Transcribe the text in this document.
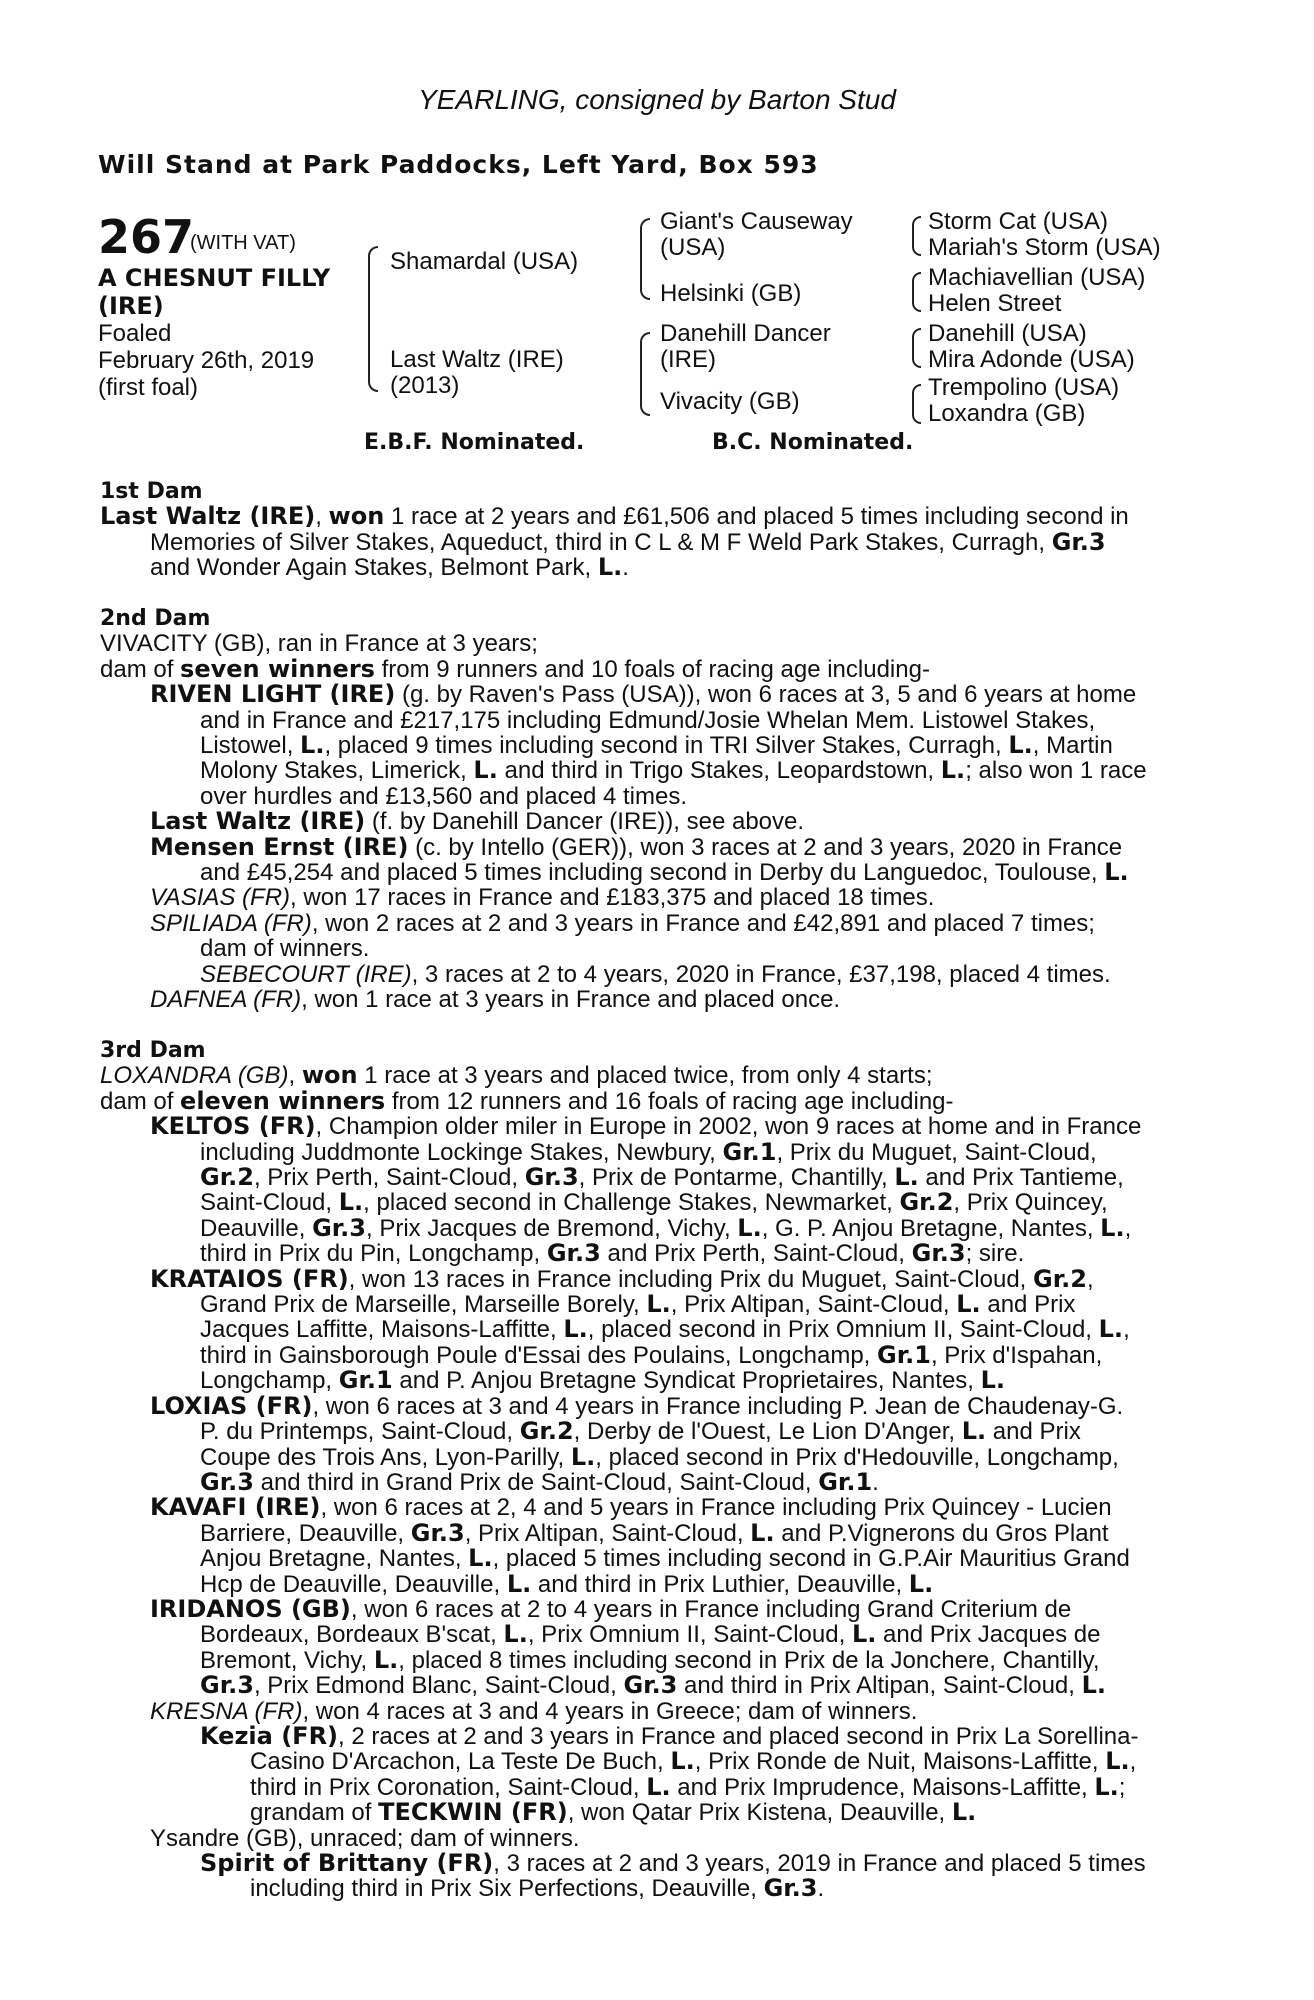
YEARLING, consigned by Barton Stud
Will Stand at Park Paddocks, Left Yard, Box 593
267
(WITH VAT)
A CHESNUT FILLY
(IRE)
Foaled
February 26th, 2019
(first foal)
Shamardal (USA)
Last Waltz (IRE)
(2013)
Giant's Causeway
(USA)
Helsinki (GB)
Danehill Dancer
(IRE)
Vivacity (GB)
Storm Cat (USA)
Mariah's Storm (USA)
Machiavellian (USA)
Helen Street
Danehill (USA)
Mira Adonde (USA)
Trempolino (USA)
Loxandra (GB)
E.B.F. Nominated.	B.C. Nominated.
1st Dam
Last Waltz (IRE), won 1 race at 2 years and £61,506 and placed 5 times including second in
Memories of Silver Stakes, Aqueduct, third in C L & M F Weld Park Stakes, Curragh, Gr.3
and Wonder Again Stakes, Belmont Park, L..
2nd Dam
VIVACITY (GB), ran in France at 3 years;
dam of seven winners from 9 runners and 10 foals of racing age including-
RIVEN LIGHT (IRE) (g. by Raven's Pass (USA)), won 6 races at 3, 5 and 6 years at home
and in France and £217,175 including Edmund/Josie Whelan Mem. Listowel Stakes,
Listowel, L., placed 9 times including second in TRI Silver Stakes, Curragh, L., Martin
Molony Stakes, Limerick, L. and third in Trigo Stakes, Leopardstown, L.; also won 1 race
over hurdles and £13,560 and placed 4 times.
Last Waltz (IRE) (f. by Danehill Dancer (IRE)), see above.
Mensen Ernst (IRE) (c. by Intello (GER)), won 3 races at 2 and 3 years, 2020 in France
and £45,254 and placed 5 times including second in Derby du Languedoc, Toulouse, L.
VASIAS (FR), won 17 races in France and £183,375 and placed 18 times.
SPILIADA (FR), won 2 races at 2 and 3 years in France and £42,891 and placed 7 times;
dam of winners.
SEBECOURT (IRE), 3 races at 2 to 4 years, 2020 in France, £37,198, placed 4 times.
DAFNEA (FR), won 1 race at 3 years in France and placed once.
3rd Dam
LOXANDRA (GB), won 1 race at 3 years and placed twice, from only 4 starts;
dam of eleven winners from 12 runners and 16 foals of racing age including-
KELTOS (FR), Champion older miler in Europe in 2002, won 9 races at home and in France
including Juddmonte Lockinge Stakes, Newbury, Gr.1, Prix du Muguet, Saint-Cloud,
Gr.2, Prix Perth, Saint-Cloud, Gr.3, Prix de Pontarme, Chantilly, L. and Prix Tantieme,
Saint-Cloud, L., placed second in Challenge Stakes, Newmarket, Gr.2, Prix Quincey,
Deauville, Gr.3, Prix Jacques de Bremond, Vichy, L., G. P. Anjou Bretagne, Nantes, L.,
third in Prix du Pin, Longchamp, Gr.3 and Prix Perth, Saint-Cloud, Gr.3; sire.
KRATAIOS (FR), won 13 races in France including Prix du Muguet, Saint-Cloud, Gr.2,
Grand Prix de Marseille, Marseille Borely, L., Prix Altipan, Saint-Cloud, L. and Prix
Jacques Laffitte, Maisons-Laffitte, L., placed second in Prix Omnium II, Saint-Cloud, L.,
third in Gainsborough Poule d'Essai des Poulains, Longchamp, Gr.1, Prix d'Ispahan,
Longchamp, Gr.1 and P. Anjou Bretagne Syndicat Proprietaires, Nantes, L.
LOXIAS (FR), won 6 races at 3 and 4 years in France including P. Jean de Chaudenay-G.
P. du Printemps, Saint-Cloud, Gr.2, Derby de l'Ouest, Le Lion D'Anger, L. and Prix
Coupe des Trois Ans, Lyon-Parilly, L., placed second in Prix d'Hedouville, Longchamp,
Gr.3 and third in Grand Prix de Saint-Cloud, Saint-Cloud, Gr.1.
KAVAFI (IRE), won 6 races at 2, 4 and 5 years in France including Prix Quincey - Lucien
Barriere, Deauville, Gr.3, Prix Altipan, Saint-Cloud, L. and P.Vignerons du Gros Plant
Anjou Bretagne, Nantes, L., placed 5 times including second in G.P.Air Mauritius Grand
Hcp de Deauville, Deauville, L. and third in Prix Luthier, Deauville, L.
IRIDANOS (GB), won 6 races at 2 to 4 years in France including Grand Criterium de
Bordeaux, Bordeaux B'scat, L., Prix Omnium II, Saint-Cloud, L. and Prix Jacques de
Bremont, Vichy, L., placed 8 times including second in Prix de la Jonchere, Chantilly,
Gr.3, Prix Edmond Blanc, Saint-Cloud, Gr.3 and third in Prix Altipan, Saint-Cloud, L.
KRESNA (FR), won 4 races at 3 and 4 years in Greece; dam of winners.
Kezia (FR), 2 races at 2 and 3 years in France and placed second in Prix La Sorellina-
Casino D'Arcachon, La Teste De Buch, L., Prix Ronde de Nuit, Maisons-Laffitte, L.,
third in Prix Coronation, Saint-Cloud, L. and Prix Imprudence, Maisons-Laffitte, L.;
grandam of TECKWIN (FR), won Qatar Prix Kistena, Deauville, L.
Ysandre (GB), unraced; dam of winners.
Spirit of Brittany (FR), 3 races at 2 and 3 years, 2019 in France and placed 5 times
including third in Prix Six Perfections, Deauville, Gr.3.
